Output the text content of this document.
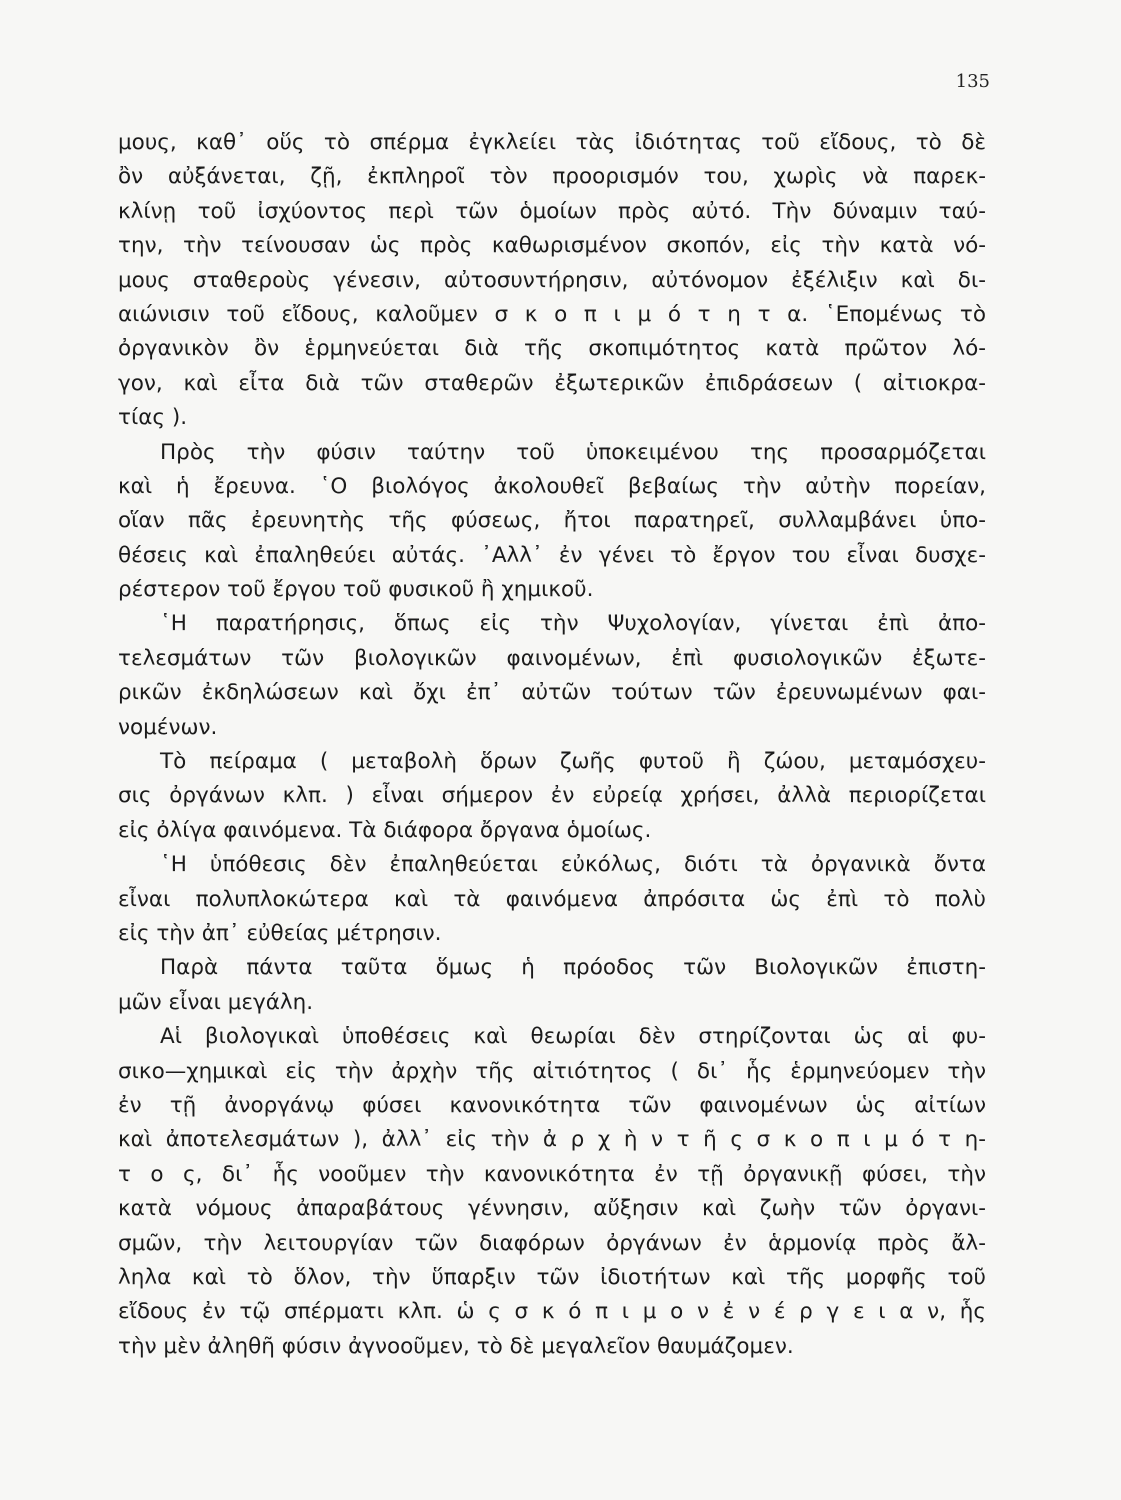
135
μους, καθ᾽ οὕς τὸ σπέρμα ἐγκλείει τὰς ἰδιότητας τοῦ εἴδους, τὸ δὲ
ὂν αὐξάνεται, ζῇ, ἐκπληροῖ τὸν προορισμόν του, χωρὶς νὰ παρεκ-
κλίνῃ τοῦ ἰσχύοντος περὶ τῶν ὁμοίων πρὸς αὐτό. Τὴν δύναμιν ταύ-
την, τὴν τείνουσαν ὡς πρὸς καθωρισμένον σκοπόν, εἰς τὴν κατὰ νό-
μους σταθεροὺς γένεσιν, αὐτοσυντήρησιν, αὐτόνομον ἐξέλιξιν καὶ δι-
αιώνισιν τοῦ εἴδους, καλοῦμεν σ κ ο π ι μ ό τ η τ α. ῾Επομένως τὸ
ὀργανικὸν ὂν ἑρμηνεύεται διὰ τῆς σκοπιμότητος κατὰ πρῶτον λό-
γον, καὶ εἶτα διὰ τῶν σταθερῶν ἐξωτερικῶν ἐπιδράσεων ( αἰτιοκρα-
τίας ).
Πρὸς τὴν φύσιν ταύτην τοῦ ὑποκειμένου της προσαρμόζεται
καὶ ἡ ἔρευνα. ῾Ο βιολόγος ἀκολουθεῖ βεβαίως τὴν αὐτὴν πορείαν,
οἵαν πᾶς ἐρευνητὴς τῆς φύσεως, ἤτοι παρατηρεῖ, συλλαμβάνει ὑπο-
θέσεις καὶ ἐπαληθεύει αὐτάς. ᾽Αλλ᾽ ἐν γένει τὸ ἔργον του εἶναι δυσχε-
ρέστερον τοῦ ἔργου τοῦ φυσικοῦ ἢ χημικοῦ.
῾Η παρατήρησις, ὅπως εἰς τὴν Ψυχολογίαν, γίνεται ἐπὶ ἀπο-
τελεσμάτων τῶν βιολογικῶν φαινομένων, ἐπὶ φυσιολογικῶν ἐξωτε-
ρικῶν ἐκδηλώσεων καὶ ὄχι ἐπ᾽ αὐτῶν τούτων τῶν ἐρευνωμένων φαι-
νομένων.
Τὸ πείραμα ( μεταβολὴ ὅρων ζωῆς φυτοῦ ἢ ζώου, μεταμόσχευ-
σις ὀργάνων κλπ. ) εἶναι σήμερον ἐν εὐρείᾳ χρήσει, ἀλλὰ περιορίζεται
εἰς ὀλίγα φαινόμενα. Τὰ διάφορα ὄργανα ὁμοίως.
῾Η ὑπόθεσις δὲν ἐπαληθεύεται εὐκόλως, διότι τὰ ὀργανικὰ ὄντα
εἶναι πολυπλοκώτερα καὶ τὰ φαινόμενα ἀπρόσιτα ὡς ἐπὶ τὸ πολὺ
εἰς τὴν ἀπ᾽ εὐθείας μέτρησιν.
Παρὰ πάντα ταῦτα ὅμως ἡ πρόοδος τῶν Βιολογικῶν ἐπιστη-
μῶν εἶναι μεγάλη.
Αἱ βιολογικαὶ ὑποθέσεις καὶ θεωρίαι δὲν στηρίζονται ὡς αἱ φυ-
σικο—χημικαὶ εἰς τὴν ἀρχὴν τῆς αἰτιότητος ( δι᾽ ἧς ἑρμηνεύομεν τὴν
ἐν τῇ ἀνοργάνῳ φύσει κανονικότητα τῶν φαινομένων ὡς αἰτίων
καὶ ἀποτελεσμάτων ), ἀλλ᾽ εἰς τὴν ἀ ρ χ ὴ ν τ ῆ ς σ κ ο π ι μ ό τ η-
τ ο ς, δι᾽ ἧς νοοῦμεν τὴν κανονικότητα ἐν τῇ ὀργανικῇ φύσει, τὴν
κατὰ νόμους ἀπαραβάτους γέννησιν, αὔξησιν καὶ ζωὴν τῶν ὀργανι-
σμῶν, τὴν λειτουργίαν τῶν διαφόρων ὀργάνων ἐν ἁρμονίᾳ πρὸς ἄλ-
ληλα καὶ τὸ ὅλον, τὴν ὕπαρξιν τῶν ἰδιοτήτων καὶ τῆς μορφῆς τοῦ
εἴδους ἐν τῷ σπέρματι κλπ. ὡ ς σ κ ό π ι μ ο ν ἐ ν έ ρ γ ε ι α ν, ἧς
τὴν μὲν ἀληθῆ φύσιν ἀγνοοῦμεν, τὸ δὲ μεγαλεῖον θαυμάζομεν.
